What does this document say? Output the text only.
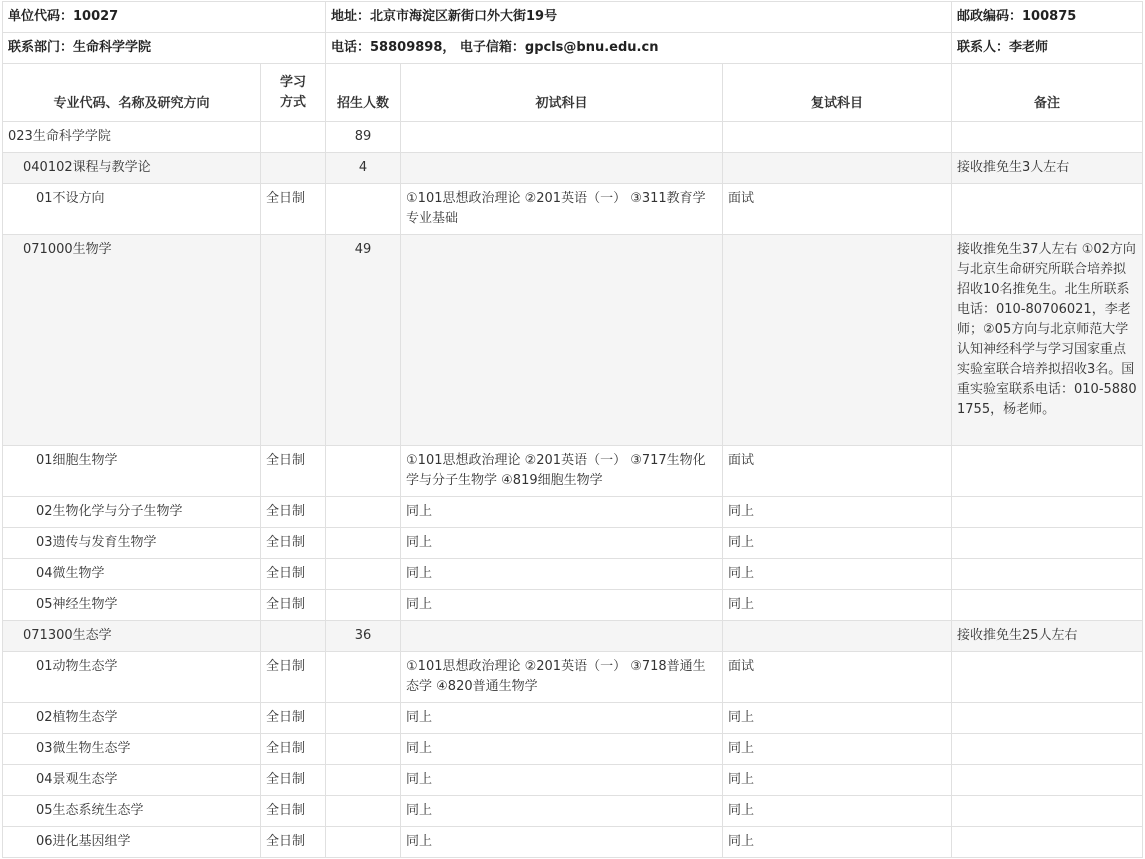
单位代码：10027		地址：北京市海淀区新街口外大街19号			邮政编码：100875
联系部门：生命科学学院		电话：58809898， 电子信箱：gpcls@bnu.edu.cn			联系人：李老师
专业代码、名称及研究方向	学习方式	招生人数	初试科目	复试科目	备注
023生命科学学院		89			
040102课程与教学论		4			接收推免生3人左右
01不设方向	全日制		①101思想政治理论 ②201英语（一） ③311教育学专业基础	面试	
071000生物学		49			接收推免生37人左右 ①02方向与北京生命研究所联合培养拟招收10名推免生。北生所联系电话：010-80706021，李老师；②05方向与北京师范大学认知神经科学与学习国家重点实验室联合培养拟招收3名。国重实验室联系电话：010-58801755，杨老师。
01细胞生物学	全日制		①101思想政治理论 ②201英语（一） ③717生物化学与分子生物学 ④819细胞生物学	面试	
02生物化学与分子生物学	全日制		同上	同上	
03遗传与发育生物学	全日制		同上	同上	
04微生物学	全日制		同上	同上	
05神经生物学	全日制		同上	同上	
071300生态学		36			接收推免生25人左右
01动物生态学	全日制		①101思想政治理论 ②201英语（一） ③718普通生态学 ④820普通生物学	面试	
02植物生态学	全日制		同上	同上	
03微生物生态学	全日制		同上	同上	
04景观生态学	全日制		同上	同上	
05生态系统生态学	全日制		同上	同上	
06进化基因组学	全日制		同上	同上	
